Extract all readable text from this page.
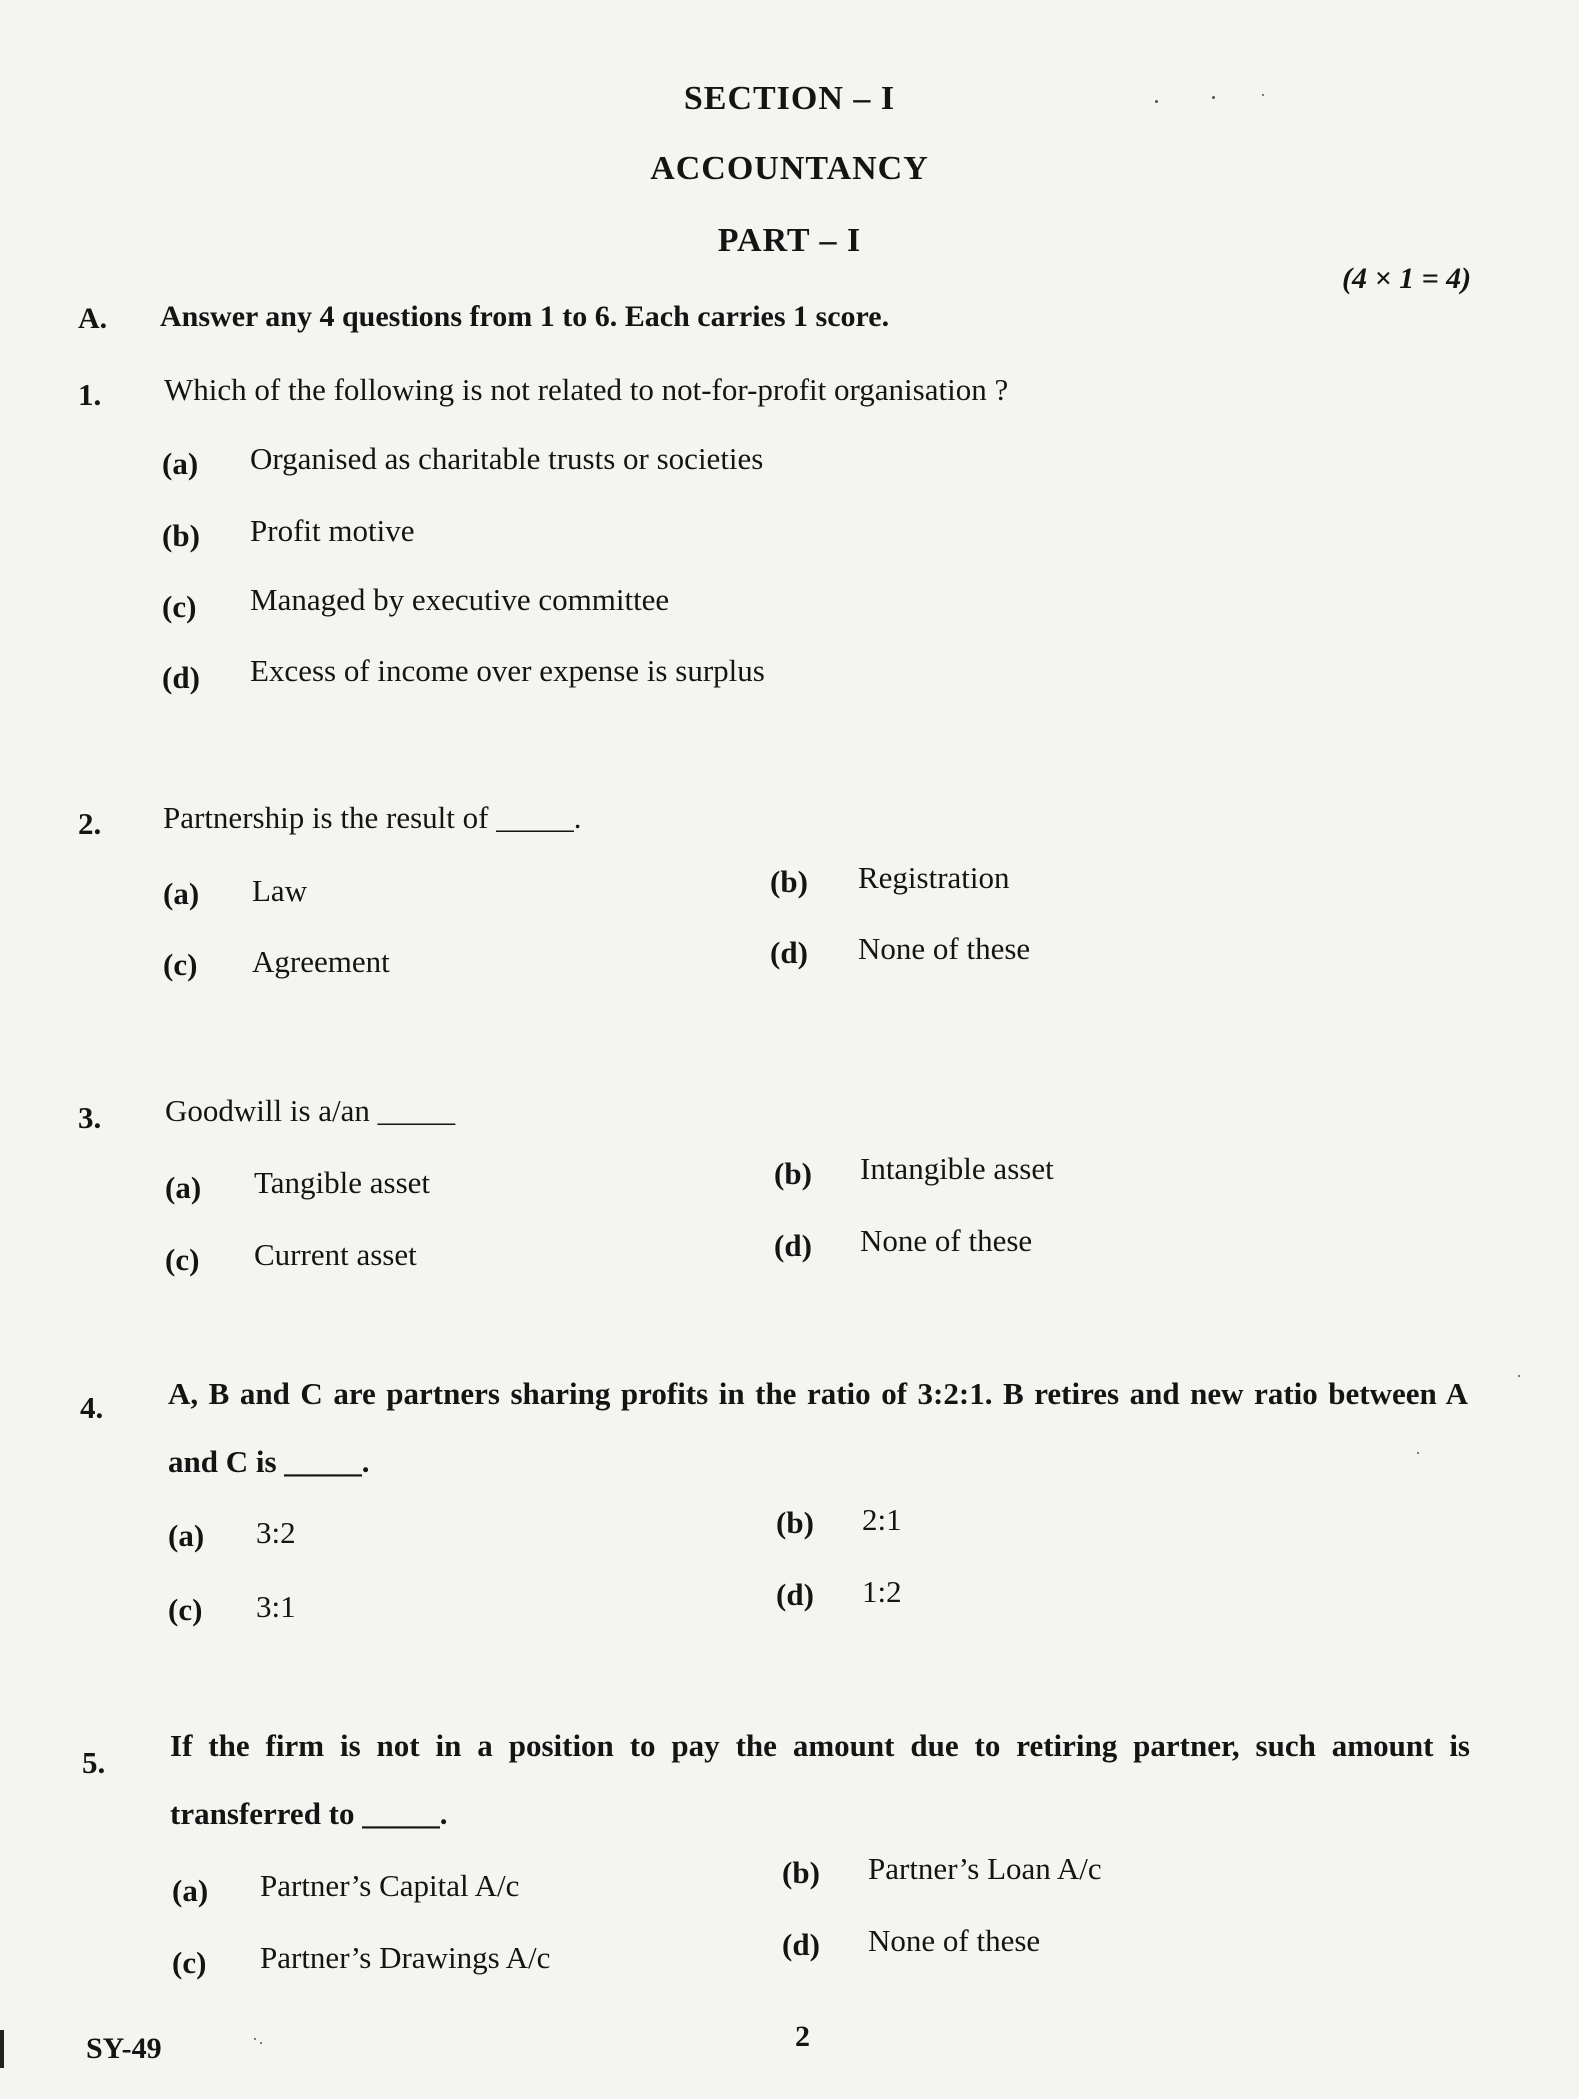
SECTION – I
ACCOUNTANCY
PART – I
A. Answer any 4 questions from 1 to 6. Each carries 1 score.
(4 × 1 = 4)
1. Which of the following is not related to not-for-profit organisation ?
(a) Organised as charitable trusts or societies
(b) Profit motive
(c) Managed by executive committee
(d) Excess of income over expense is surplus
2. Partnership is the result of _____.
(a) Law	(b) Registration
(c) Agreement	(d) None of these
3. Goodwill is a/an _____
(a) Tangible asset	(b) Intangible asset
(c) Current asset	(d) None of these
4. A, B and C are partners sharing profits in the ratio of 3:2:1. B retires and new ratio between A and C is _____.
(a) 3:2	(b) 2:1
(c) 3:1	(d) 1:2
5. If the firm is not in a position to pay the amount due to retiring partner, such amount is transferred to _____.
(a) Partner’s Capital A/c	(b) Partner’s Loan A/c
(c) Partner’s Drawings A/c	(d) None of these
SY-49	2
